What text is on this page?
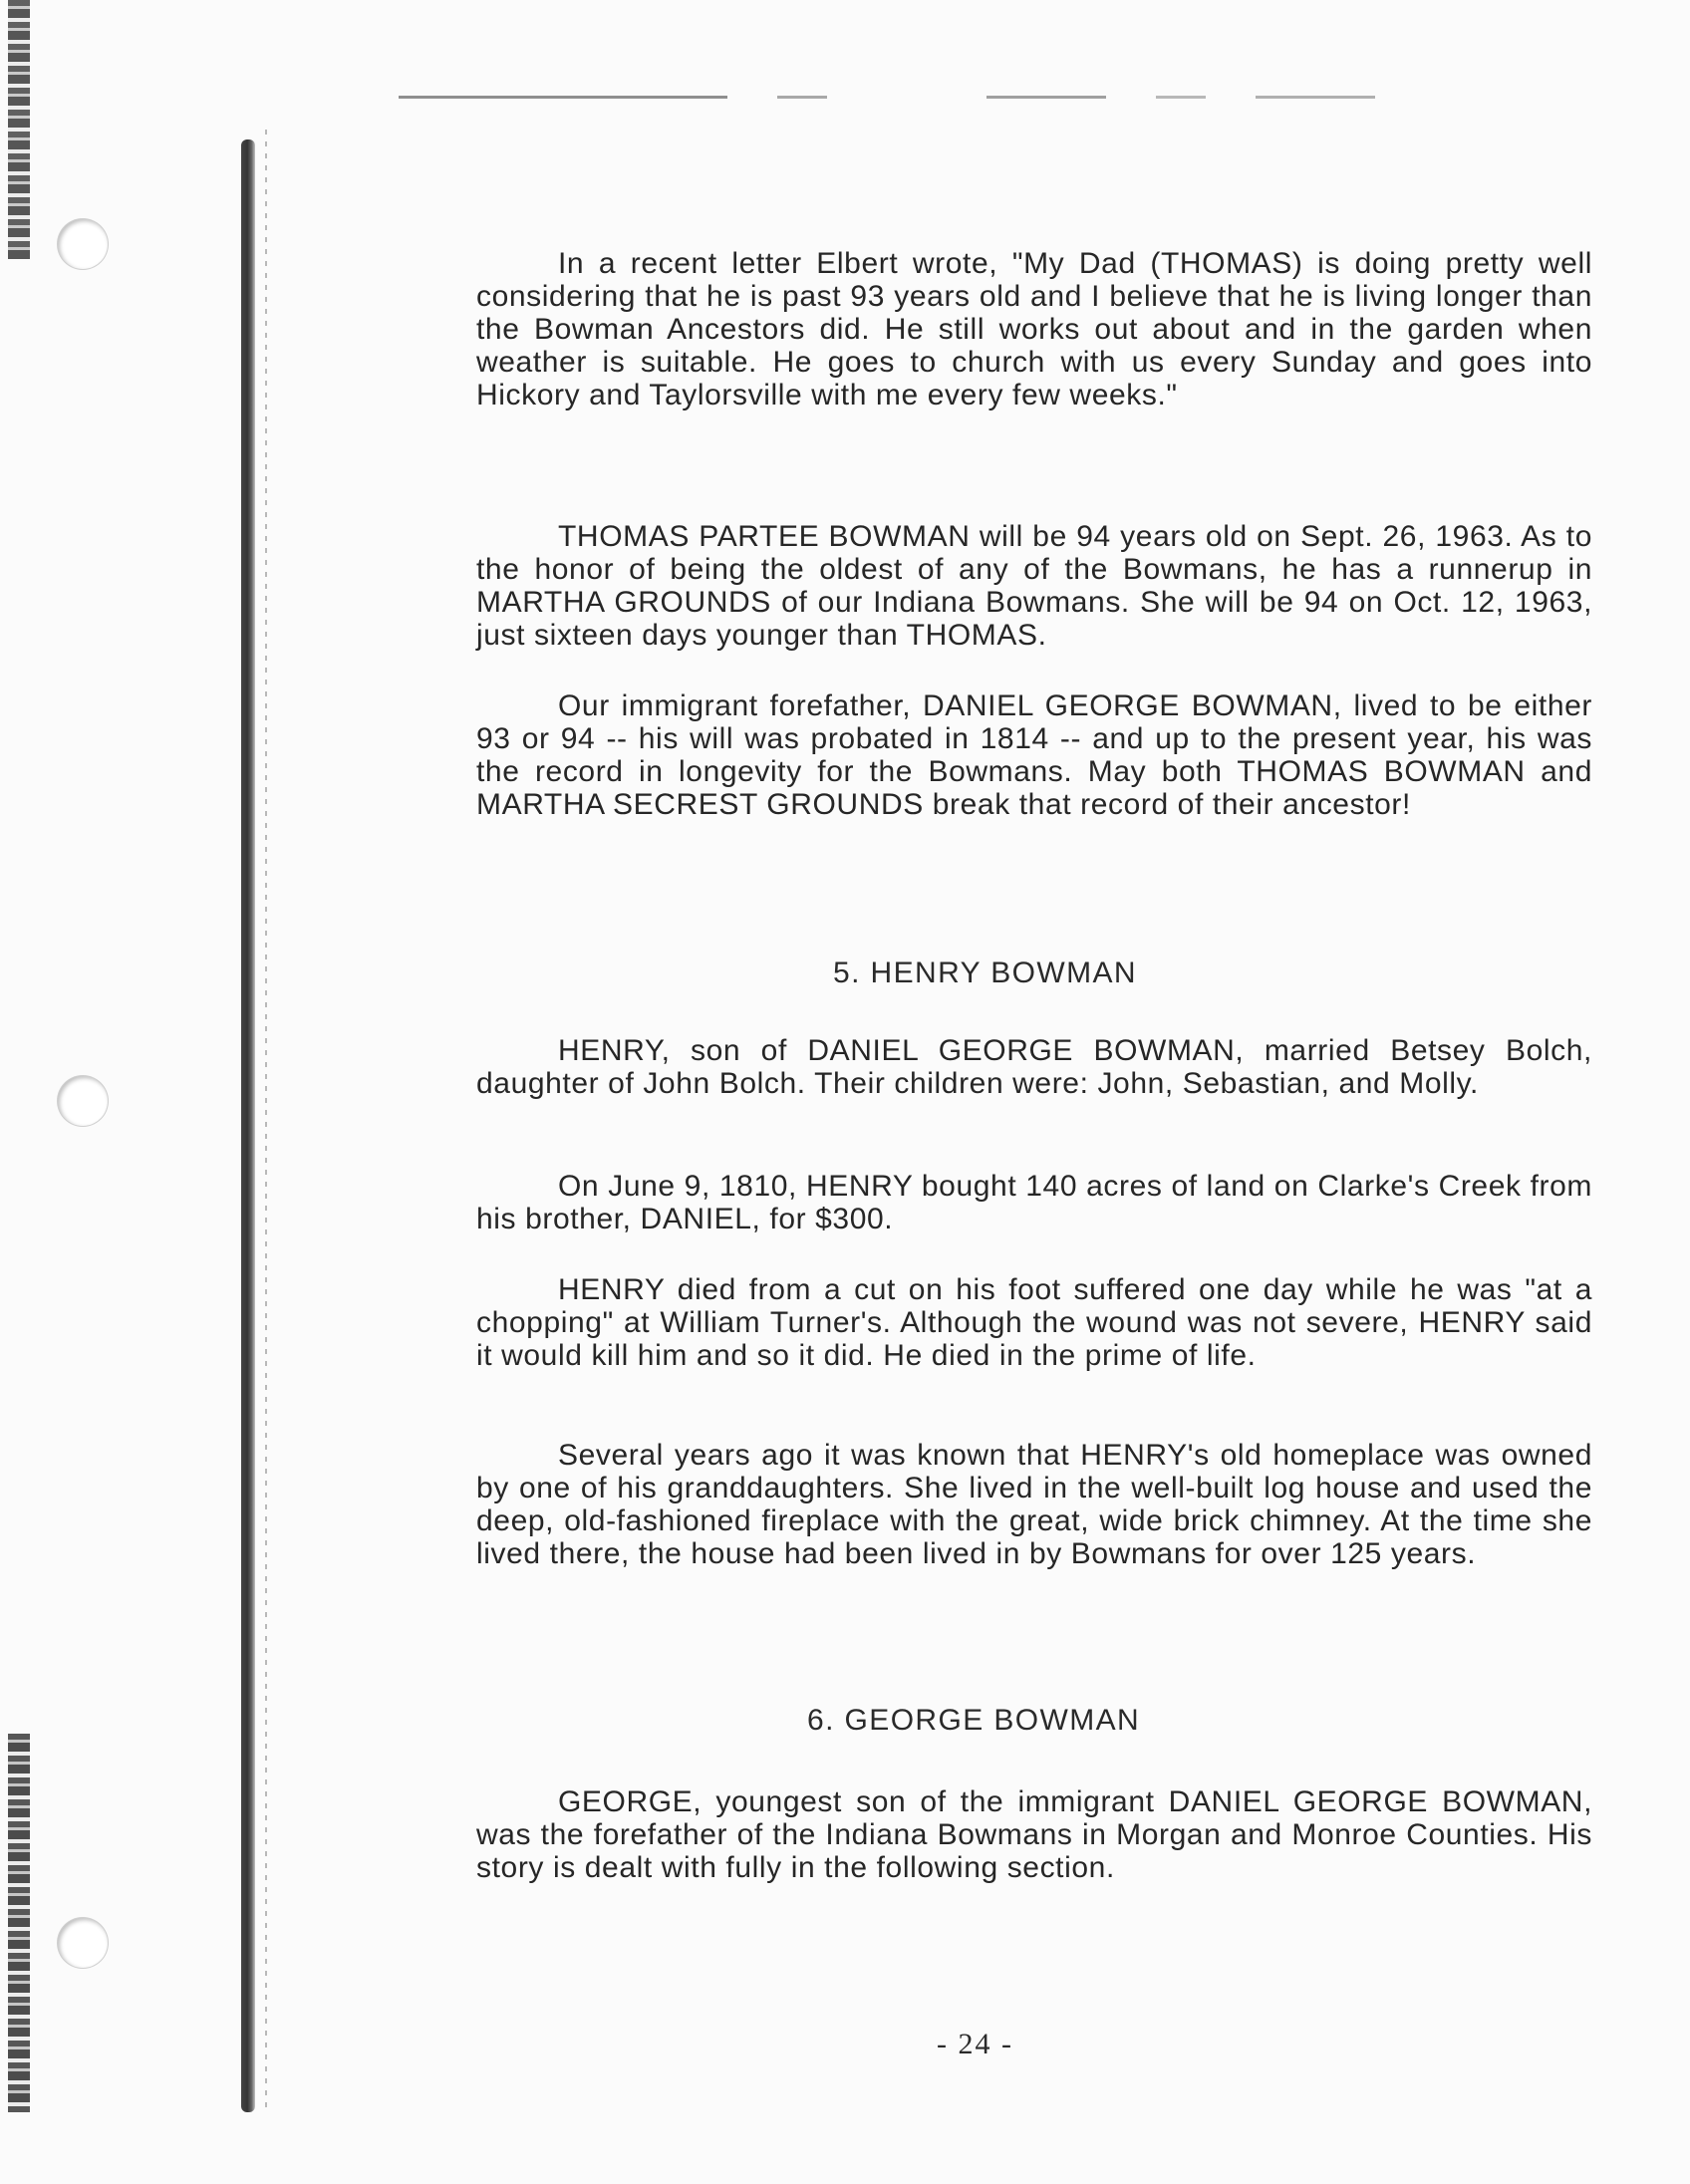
In a recent letter Elbert wrote, "My Dad (THOMAS) is doing pretty well considering that he is past 93 years old and I believe that he is living longer than the Bowman Ancestors did. He still works out about and in the garden when weather is suitable. He goes to church with us every Sunday and goes into Hickory and Taylorsville with me every few weeks."
THOMAS PARTEE BOWMAN will be 94 years old on Sept. 26, 1963. As to the honor of being the oldest of any of the Bowmans, he has a runnerup in MARTHA GROUNDS of our Indiana Bowmans. She will be 94 on Oct. 12, 1963, just sixteen days younger than THOMAS.
Our immigrant forefather, DANIEL GEORGE BOWMAN, lived to be either 93 or 94 -- his will was probated in 1814 -- and up to the present year, his was the record in longevity for the Bowmans. May both THOMAS BOWMAN and MARTHA SECREST GROUNDS break that record of their ancestor!
5. HENRY BOWMAN
HENRY, son of DANIEL GEORGE BOWMAN, married Betsey Bolch, daughter of John Bolch. Their children were: John, Sebastian, and Molly.
On June 9, 1810, HENRY bought 140 acres of land on Clarke's Creek from his brother, DANIEL, for $300.
HENRY died from a cut on his foot suffered one day while he was "at a chopping" at William Turner's. Although the wound was not severe, HENRY said it would kill him and so it did. He died in the prime of life.
Several years ago it was known that HENRY's old homeplace was owned by one of his granddaughters. She lived in the well-built log house and used the deep, old-fashioned fireplace with the great, wide brick chimney. At the time she lived there, the house had been lived in by Bowmans for over 125 years.
6. GEORGE BOWMAN
GEORGE, youngest son of the immigrant DANIEL GEORGE BOWMAN, was the forefather of the Indiana Bowmans in Morgan and Monroe Counties. His story is dealt with fully in the following section.
- 24 -
